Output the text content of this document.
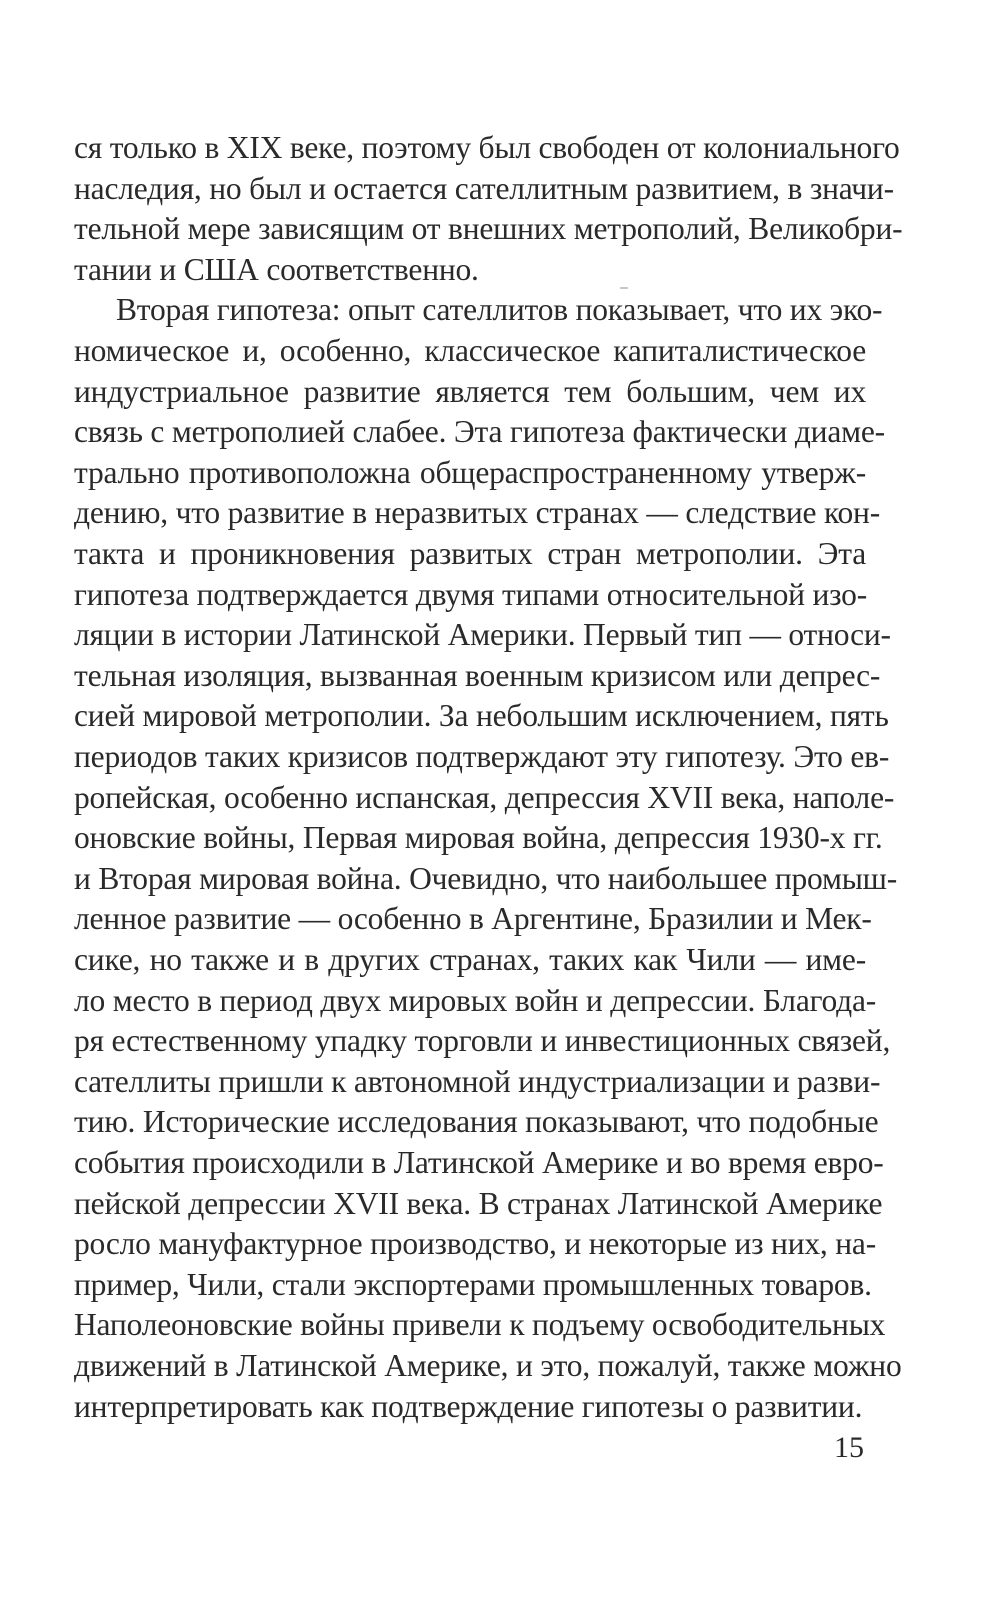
ся только в XIX веке, поэтому был свободен от колониального
наследия, но был и остается сателлитным развитием, в значи-
тельной мере зависящим от внешних метрополий, Великобри-
тании и США соответственно.
Вторая гипотеза: опыт сателлитов показывает, что их эко-
номическое и, особенно, классическое капиталистическое
индустриальное развитие является тем большим, чем их
связь с метрополией слабее. Эта гипотеза фактически диаме-
трально противоположна общераспространенному утверж-
дению, что развитие в неразвитых странах — следствие кон-
такта и проникновения развитых стран метрополии. Эта
гипотеза подтверждается двумя типами относительной изо-
ляции в истории Латинской Америки. Первый тип — относи-
тельная изоляция, вызванная военным кризисом или депрес-
сией мировой метрополии. За небольшим исключением, пять
периодов таких кризисов подтверждают эту гипотезу. Это ев-
ропейская, особенно испанская, депрессия XVII века, наполе-
оновские войны, Первая мировая война, депрессия 1930-х гг.
и Вторая мировая война. Очевидно, что наибольшее промыш-
ленное развитие — особенно в Аргентине, Бразилии и Мек-
сике, но также и в других странах, таких как Чили — име-
ло место в период двух мировых войн и депрессии. Благода-
ря естественному упадку торговли и инвестиционных связей,
сателлиты пришли к автономной индустриализации и разви-
тию. Исторические исследования показывают, что подобные
события происходили в Латинской Америке и во время евро-
пейской депрессии XVII века. В странах Латинской Америке
росло мануфактурное производство, и некоторые из них, на-
пример, Чили, стали экспортерами промышленных товаров.
Наполеоновские войны привели к подъему освободительных
движений в Латинской Америке, и это, пожалуй, также можно
интерпретировать как подтверждение гипотезы о развитии.
15
